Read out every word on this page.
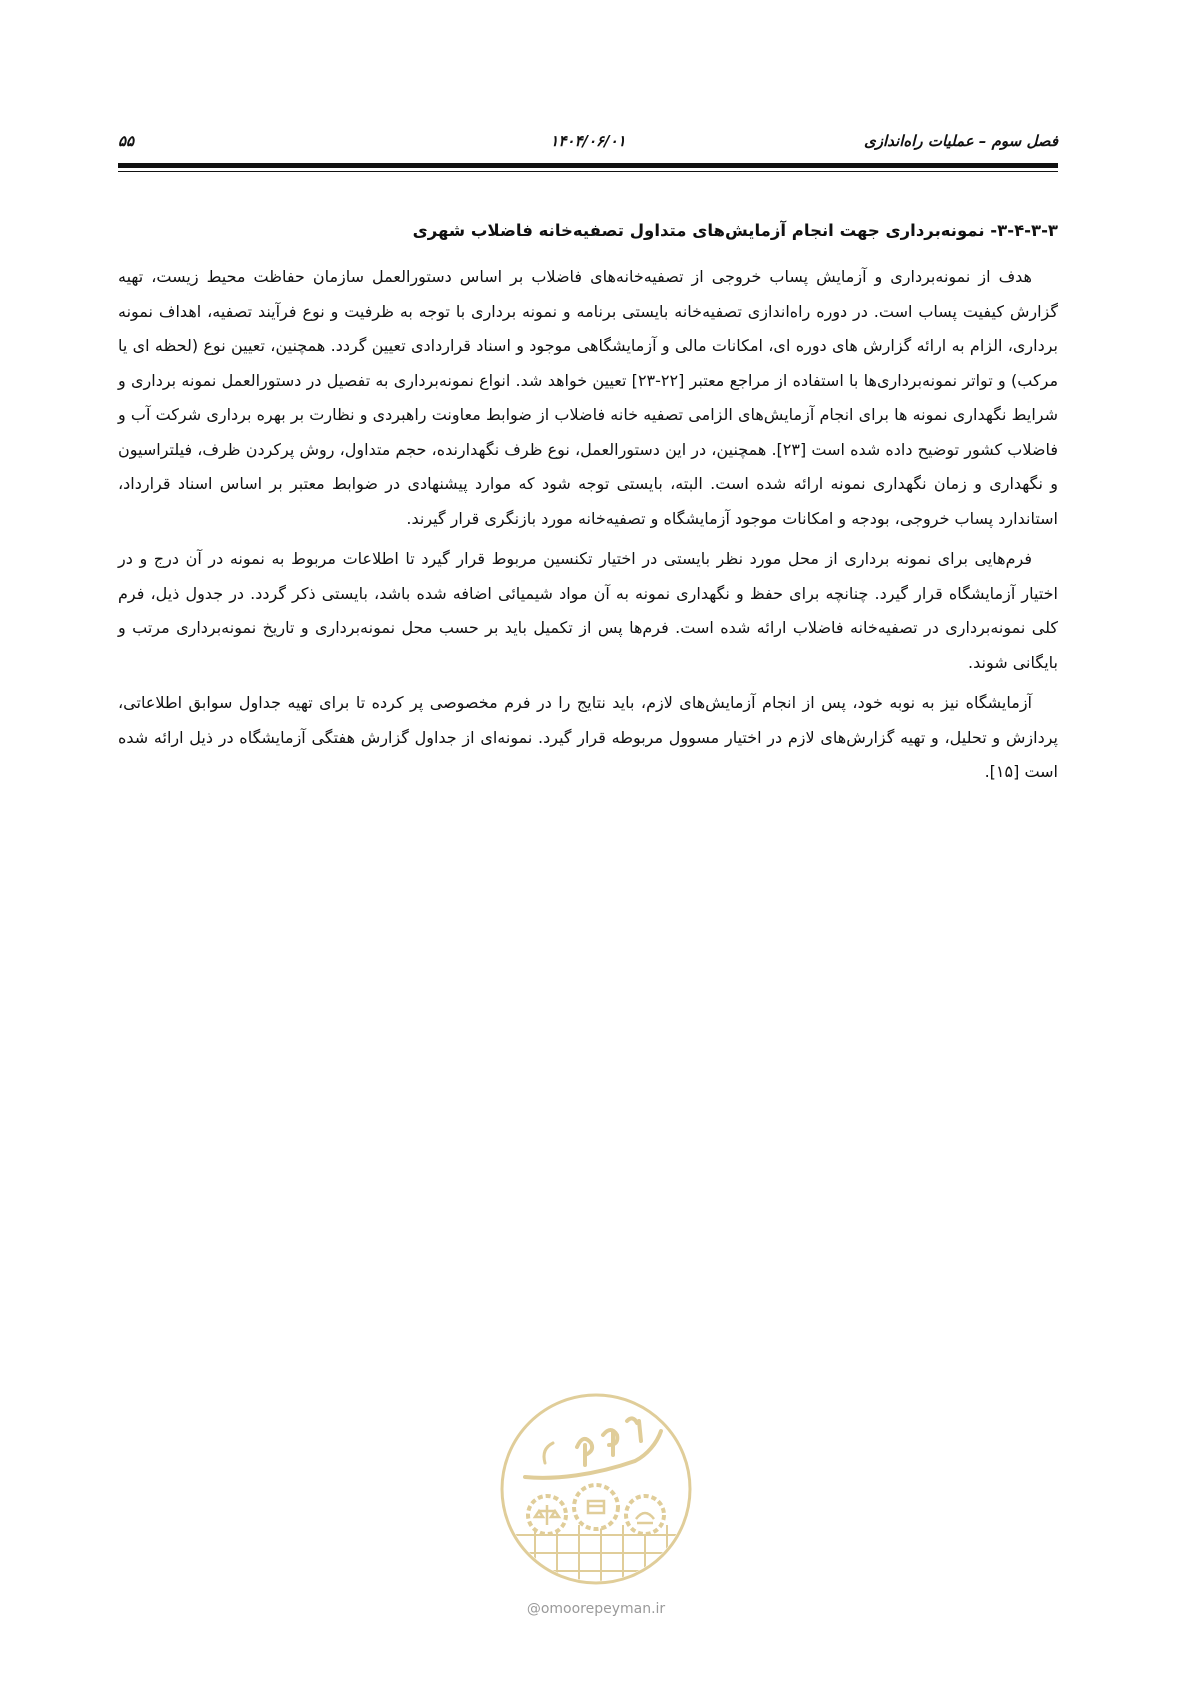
فصل سوم – عملیات راه‌اندازی
۱۴۰۴/۰۶/۰۱
۵۵
۳-۴-۳-۳- نمونه‌برداری جهت انجام آزمایش‌های متداول تصفیه‌خانه فاضلاب شهری

هدف از نمونه‌برداری و آزمایش پساب خروجی از تصفیه‌خانه‌های فاضلاب بر اساس دستورالعمل سازمان حفاظت محیط زیست، تهیه گزارش کیفیت پساب است. در دوره راه‌اندازی تصفیه‌خانه بایستی برنامه و نمونه برداری با توجه به ظرفیت و نوع فرآیند تصفیه، اهداف نمونه برداری، الزام به ارائه گزارش های دوره ای، امکانات مالی و آزمایشگاهی موجود و اسناد قراردادی تعیین گردد. همچنین، تعیین نوع (لحظه ای یا مرکب) و تواتر نمونه‌برداری‌ها با استفاده از مراجع معتبر [۲۲-۲۳] تعیین خواهد شد. انواع نمونه‌برداری به تفصیل در دستورالعمل نمونه برداری و شرایط نگهداری نمونه ها برای انجام آزمایش‌های الزامی تصفیه خانه فاضلاب از ضوابط معاونت راهبردی و نظارت بر بهره برداری شرکت آب و فاضلاب کشور توضیح داده شده است [۲۳]. همچنین، در این دستورالعمل، نوع ظرف نگهدارنده، حجم متداول، روش پرکردن ظرف، فیلتراسیون و نگهداری و زمان نگهداری نمونه ارائه شده است. البته، بایستی توجه شود که موارد پیشنهادی در ضوابط معتبر بر اساس اسناد قرارداد، استاندارد پساب خروجی، بودجه و امکانات موجود آزمایشگاه و تصفیه‌خانه مورد بازنگری قرار گیرند.

فرم‌هایی برای نمونه برداری از محل مورد نظر بایستی در اختیار تکنسین مربوط قرار گیرد تا اطلاعات مربوط به نمونه در آن درج و در اختیار آزمایشگاه قرار گیرد. چنانچه برای حفظ و نگهداری نمونه به آن مواد شیمیائی اضافه شده باشد، بایستی ذکر گردد. در جدول ذیل، فرم کلی نمونه‌برداری در تصفیه‌خانه فاضلاب ارائه شده است. فرم‌ها پس از تکمیل باید بر حسب محل نمونه‌برداری و تاریخ نمونه‌برداری مرتب و بایگانی شوند.

آزمایشگاه نیز به نوبه خود، پس از انجام آزمایش‌های لازم، باید نتایج را در فرم مخصوصی پر کرده تا برای تهیه جداول سوابق اطلاعاتی، پردازش و تحلیل، و تهیه گزارش‌های لازم در اختیار مسوول مربوطه قرار گیرد. نمونه‌ای از جداول گزارش هفتگی آزمایشگاه در ذیل ارائه شده است [۱۵].

@omoorepeyman.ir
